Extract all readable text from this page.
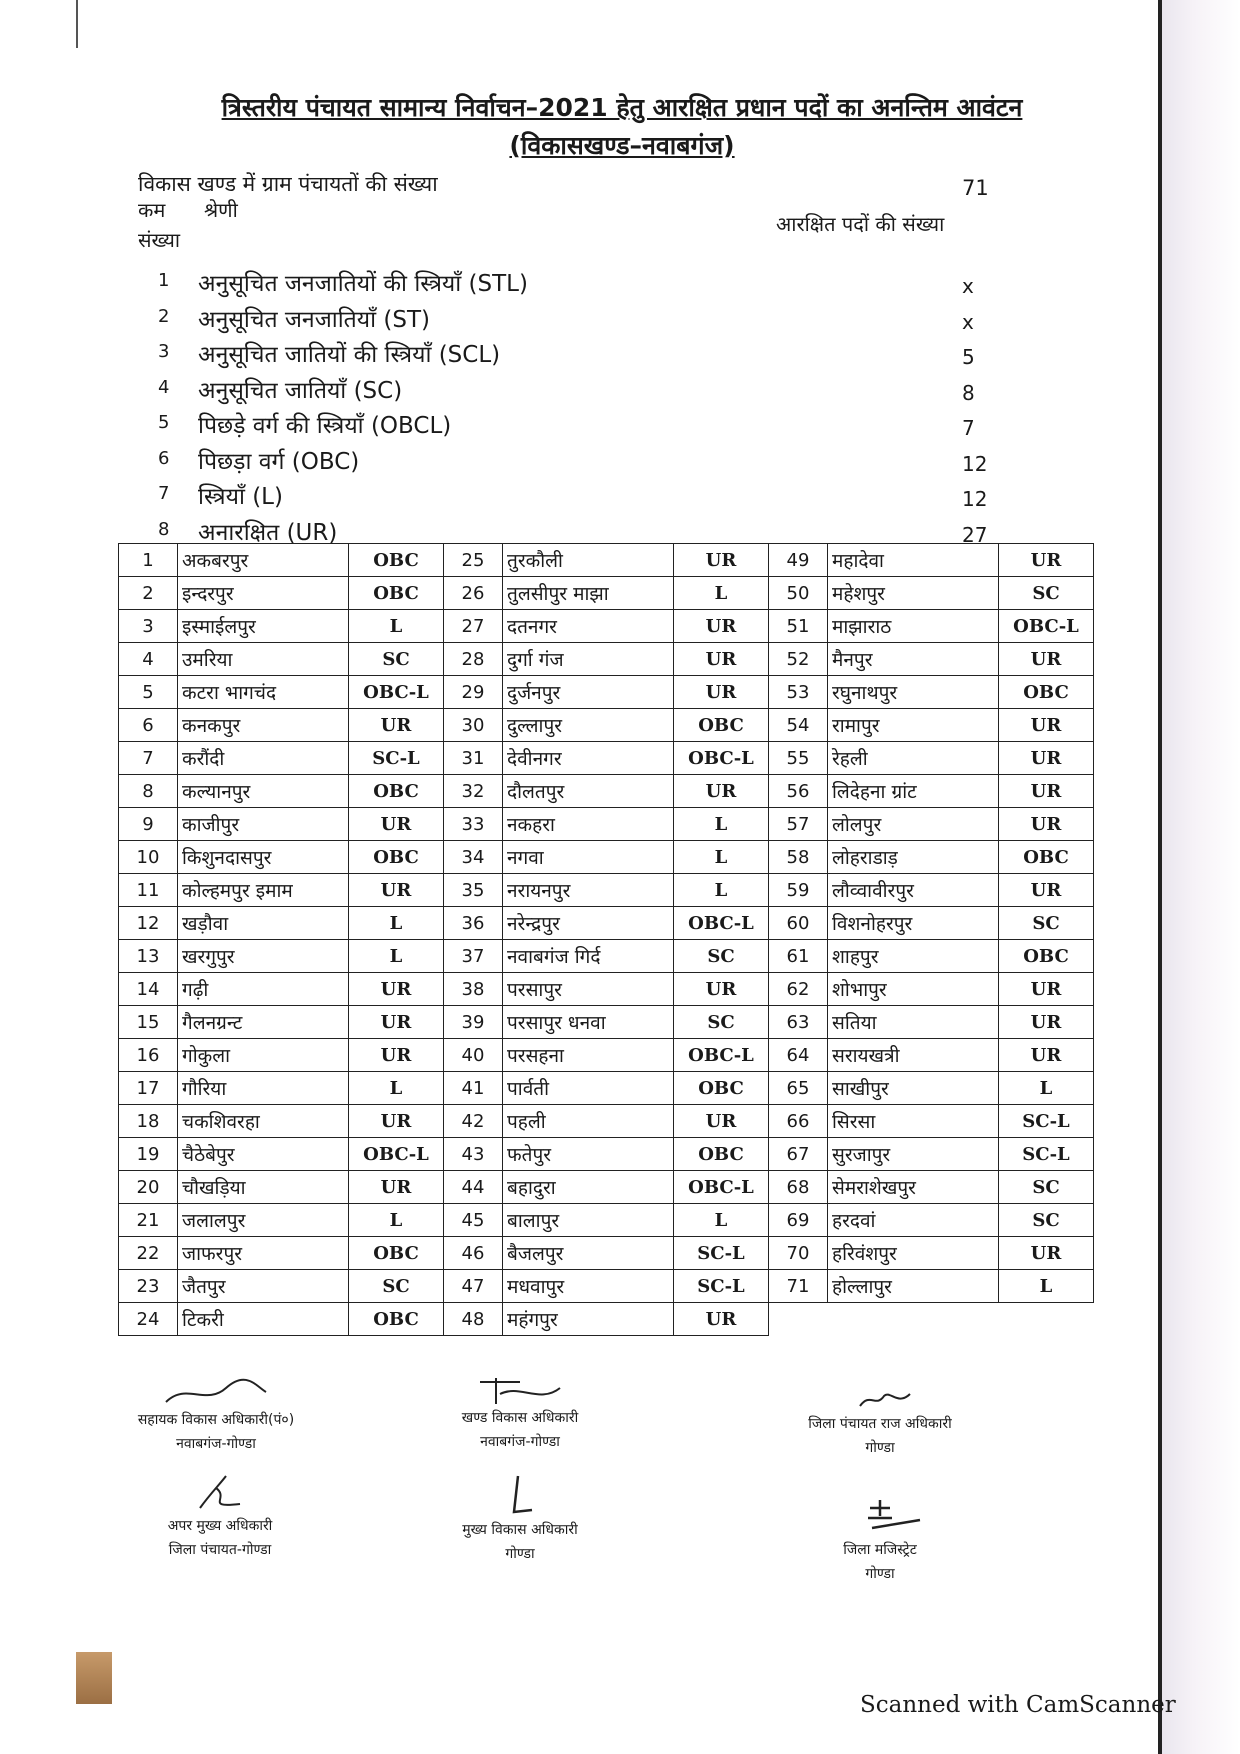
त्रिस्तरीय पंचायत सामान्य निर्वाचन–2021 हेतु आरक्षित प्रधान पदों का अनन्तिम आवंटन
(विकासखण्ड–नवाबगंज)
विकास खण्ड में ग्राम पंचायतों की संख्या	71
कम श्रेणी
संख्या
आरक्षित पदों की संख्या
1 अनुसूचित जनजातियों की स्त्रियॉं (STL)	x
2 अनुसूचित जनजातियाँ (ST)	x
3 अनुसूचित जातियों की स्त्रियॉं (SCL)	5
4 अनुसूचित जातियॉं (SC)	8
5 पिछड़े वर्ग की स्त्रियॉं (OBCL)	7
6 पिछड़ा वर्ग (OBC)	12
7 स्त्रियॉं (L)	12
8 अनारक्षित (UR)	27
1	अकबरपुर	OBC	25	तुरकौली	UR	49	महादेवा	UR
2	इन्दरपुर	OBC	26	तुलसीपुर माझा	L	50	महेशपुर	SC
3	इस्माईलपुर	L	27	दतनगर	UR	51	माझाराठ	OBC-L
4	उमरिया	SC	28	दुर्गा गंज	UR	52	मैनपुर	UR
5	कटरा भागचंद	OBC-L	29	दुर्जनपुर	UR	53	रघुनाथपुर	OBC
6	कनकपुर	UR	30	दुल्लापुर	OBC	54	रामापुर	UR
7	करौंदी	SC-L	31	देवीनगर	OBC-L	55	रेहली	UR
8	कल्यानपुर	OBC	32	दौलतपुर	UR	56	लिदेहना ग्रांट	UR
9	काजीपुर	UR	33	नकहरा	L	57	लोलपुर	UR
10	किशुनदासपुर	OBC	34	नगवा	L	58	लोहराडाड़	OBC
11	कोल्हमपुर इमाम	UR	35	नरायनपुर	L	59	लौव्वावीरपुर	UR
12	खड़ौवा	L	36	नरेन्द्रपुर	OBC-L	60	विशनोहरपुर	SC
13	खरगुपुर	L	37	नवाबगंज गिर्द	SC	61	शाहपुर	OBC
14	गढ़ी	UR	38	परसापुर	UR	62	शोभापुर	UR
15	गैलनग्रन्ट	UR	39	परसापुर धनवा	SC	63	सतिया	UR
16	गोकुला	UR	40	परसहना	OBC-L	64	सरायखत्री	UR
17	गौरिया	L	41	पार्वती	OBC	65	साखीपुर	L
18	चकशिवरहा	UR	42	पहली	UR	66	सिरसा	SC-L
19	चैठेबेपुर	OBC-L	43	फतेपुर	OBC	67	सुरजापुर	SC-L
20	चौखड़िया	UR	44	बहादुरा	OBC-L	68	सेमराशेखपुर	SC
21	जलालपुर	L	45	बालापुर	L	69	हरदवां	SC
22	जाफरपुर	OBC	46	बैजलपुर	SC-L	70	हरिवंशपुर	UR
23	जैतपुर	SC	47	मधवापुर	SC-L	71	होल्लापुर	L
24	टिकरी	OBC	48	महंगपुर	UR			
सहायक विकास अधिकारी(पं०)
नवाबगंज-गोण्डा
खण्ड विकास अधिकारी
नवाबगंज-गोण्डा
जिला पंचायत राज अधिकारी
गोण्डा
अपर मुख्य अधिकारी
जिला पंचायत-गोण्डा
मुख्य विकास अधिकारी
गोण्डा	जिला मजिस्ट्रेट
गोण्डा
Scanned with CamScanner
